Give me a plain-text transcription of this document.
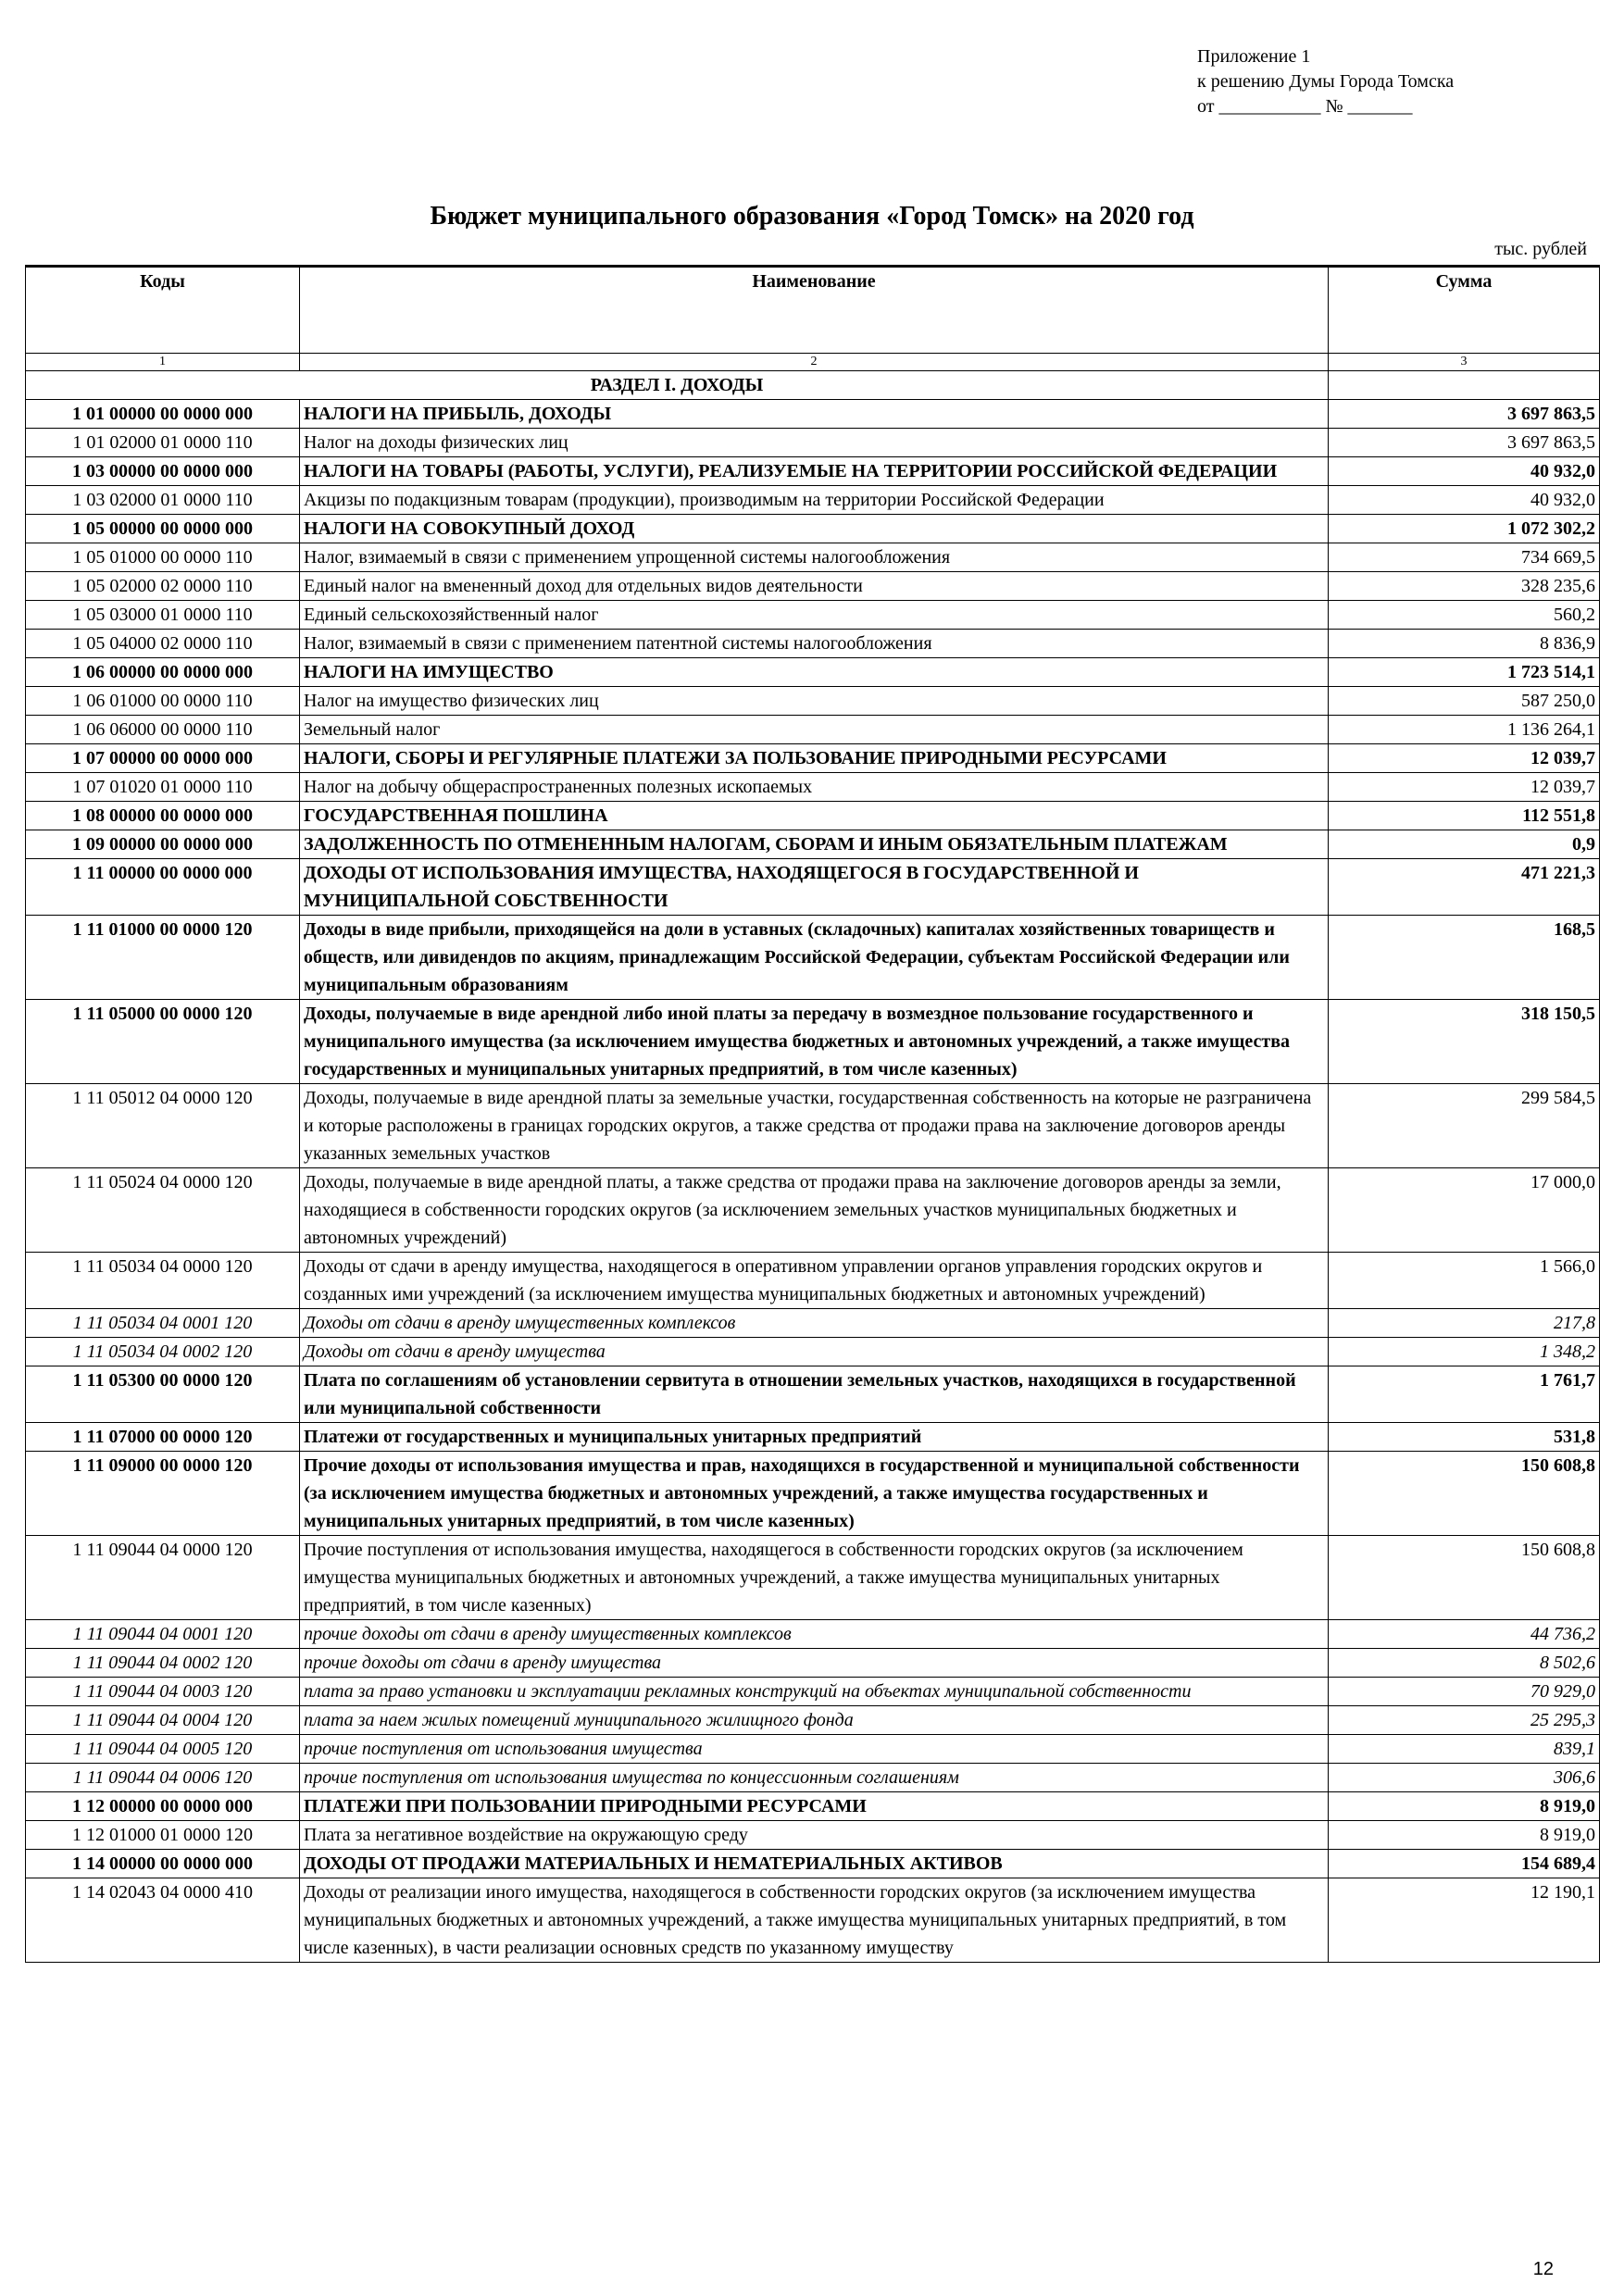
Приложение 1
к решению Думы Города Томска
от ___________ № _______
Бюджет муниципального образования «Город Томск» на 2020 год
тыс. рублей
Коды	Наименование	Сумма
1	2	3
РАЗДЕЛ I. ДОХОДЫ		
1 01 00000 00 0000 000	НАЛОГИ НА ПРИБЫЛЬ, ДОХОДЫ	3 697 863,5
1 01 02000 01 0000 110	Налог на доходы физических лиц	3 697 863,5
1 03 00000 00 0000 000	НАЛОГИ НА ТОВАРЫ (РАБОТЫ, УСЛУГИ), РЕАЛИЗУЕМЫЕ НА ТЕРРИТОРИИ РОССИЙСКОЙ ФЕДЕРАЦИИ	40 932,0
1 03 02000 01 0000 110	Акцизы по подакцизным товарам (продукции), производимым на территории Российской Федерации	40 932,0
1 05 00000 00 0000 000	НАЛОГИ НА СОВОКУПНЫЙ ДОХОД	1 072 302,2
1 05 01000 00 0000 110	Налог, взимаемый в связи с применением упрощенной системы налогообложения	734 669,5
1 05 02000 02 0000 110	Единый налог на вмененный доход для отдельных видов деятельности	328 235,6
1 05 03000 01 0000 110	Единый сельскохозяйственный налог	560,2
1 05 04000 02 0000 110	Налог, взимаемый в связи с применением патентной системы налогообложения	8 836,9
1 06 00000 00 0000 000	НАЛОГИ НА ИМУЩЕСТВО	1 723 514,1
1 06 01000 00 0000 110	Налог на имущество физических лиц	587 250,0
1 06 06000 00 0000 110	Земельный налог	1 136 264,1
1 07 00000 00 0000 000	НАЛОГИ, СБОРЫ И РЕГУЛЯРНЫЕ ПЛАТЕЖИ ЗА ПОЛЬЗОВАНИЕ ПРИРОДНЫМИ РЕСУРСАМИ	12 039,7
1 07 01020 01 0000 110	Налог на добычу общераспространенных полезных ископаемых	12 039,7
1 08 00000 00 0000 000	ГОСУДАРСТВЕННАЯ ПОШЛИНА	112 551,8
1 09 00000 00 0000 000	ЗАДОЛЖЕННОСТЬ ПО ОТМЕНЕННЫМ НАЛОГАМ, СБОРАМ И ИНЫМ ОБЯЗАТЕЛЬНЫМ ПЛАТЕЖАМ	0,9
1 11 00000 00 0000 000	ДОХОДЫ ОТ ИСПОЛЬЗОВАНИЯ ИМУЩЕСТВА, НАХОДЯЩЕГОСЯ В ГОСУДАРСТВЕННОЙ И МУНИЦИПАЛЬНОЙ СОБСТВЕННОСТИ	471 221,3
1 11 01000 00 0000 120	Доходы в виде прибыли, приходящейся на доли в уставных (складочных) капиталах хозяйственных товариществ и обществ, или дивидендов по акциям, принадлежащим Российской Федерации, субъектам Российской Федерации или муниципальным образованиям	168,5
1 11 05000 00 0000 120	Доходы, получаемые в виде арендной либо иной платы за передачу в возмездное пользование государственного и муниципального имущества (за исключением имущества бюджетных и автономных учреждений, а также имущества государственных и муниципальных унитарных предприятий, в том числе казенных)	318 150,5
1 11 05012 04 0000 120	Доходы, получаемые в виде арендной платы за земельные участки, государственная собственность на которые не разграничена и которые расположены в границах городских округов, а также средства от продажи права на заключение договоров аренды указанных земельных участков	299 584,5
1 11 05024 04 0000 120	Доходы, получаемые в виде арендной платы, а также средства от продажи права на заключение договоров аренды за земли, находящиеся в собственности городских округов (за исключением земельных участков муниципальных бюджетных и автономных учреждений)	17 000,0
1 11 05034 04 0000 120	Доходы от сдачи в аренду имущества, находящегося в оперативном управлении органов управления городских округов и созданных ими учреждений (за исключением имущества муниципальных бюджетных и автономных учреждений)	1 566,0
1 11 05034 04 0001 120	Доходы от сдачи в аренду имущественных комплексов	217,8
1 11 05034 04 0002 120	Доходы от сдачи в аренду имущества	1 348,2
1 11 05300 00 0000 120	Плата по соглашениям об установлении сервитута в отношении земельных участков, находящихся в государственной или муниципальной собственности	1 761,7
1 11 07000 00 0000 120	Платежи от государственных и муниципальных унитарных предприятий	531,8
1 11 09000 00 0000 120	Прочие доходы от использования имущества и прав, находящихся в государственной и муниципальной собственности (за исключением имущества бюджетных и автономных учреждений, а также имущества государственных и муниципальных унитарных предприятий, в том числе казенных)	150 608,8
1 11 09044 04 0000 120	Прочие поступления от использования имущества, находящегося в собственности городских округов (за исключением имущества муниципальных бюджетных и автономных учреждений, а также имущества муниципальных унитарных предприятий, в том числе казенных)	150 608,8
1 11 09044 04 0001 120	прочие доходы от сдачи в аренду имущественных комплексов	44 736,2
1 11 09044 04 0002 120	прочие доходы от сдачи в аренду имущества	8 502,6
1 11 09044 04 0003 120	плата за право установки и эксплуатации рекламных конструкций на объектах муниципальной собственности	70 929,0
1 11 09044 04 0004 120	плата за наем жилых помещений муниципального жилищного фонда	25 295,3
1 11 09044 04 0005 120	прочие поступления от использования имущества	839,1
1 11 09044 04 0006 120	прочие поступления от использования имущества по концессионным соглашениям	306,6
1 12 00000 00 0000 000	ПЛАТЕЖИ ПРИ ПОЛЬЗОВАНИИ ПРИРОДНЫМИ РЕСУРСАМИ	8 919,0
1 12 01000 01 0000 120	Плата за негативное воздействие на окружающую среду	8 919,0
1 14 00000 00 0000 000	ДОХОДЫ ОТ ПРОДАЖИ МАТЕРИАЛЬНЫХ И НЕМАТЕРИАЛЬНЫХ АКТИВОВ	154 689,4
1 14 02043 04 0000 410	Доходы от реализации иного имущества, находящегося в собственности городских округов (за исключением имущества муниципальных бюджетных и автономных учреждений, а также имущества муниципальных унитарных предприятий, в том числе казенных), в части реализации основных средств по указанному имуществу	12 190,1
12
